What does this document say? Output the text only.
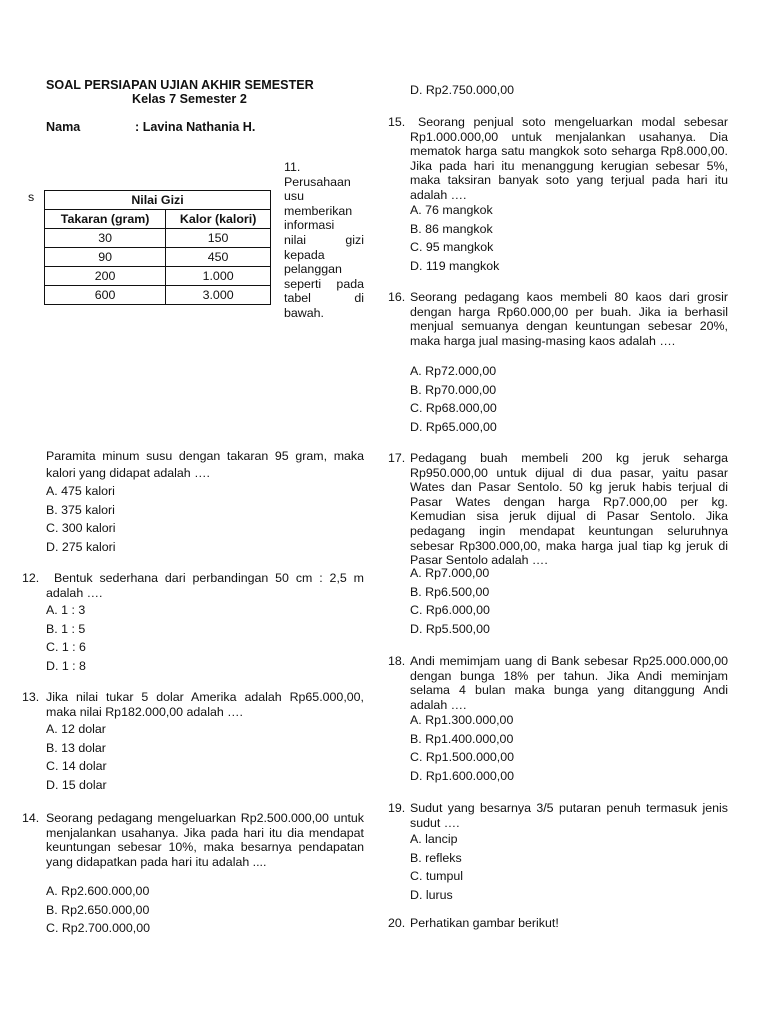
SOAL PERSIAPAN UJIAN AKHIR SEMESTER
Kelas 7 Semester 2
Nama	: Lavina Nathania H.
s	Nilai Gizi	
Takaran (gram)	Kalor (kalori)
30	150
90	450
200	1.000
600	3.000
11.
Perusahaan
usu
memberikan
informasi
nilai gizi
kepada
pelanggan
seperti pada
tabel di
bawah.
Paramita minum susu dengan takaran 95 gram, maka kalori yang didapat adalah ….
A. 475 kalori
B. 375 kalori
C. 300 kalori
D. 275 kalori
12.	Bentuk sederhana dari perbandingan 50 cm : 2,5 m adalah ….
A. 1 : 3
B. 1 : 5
C. 1 : 6
D. 1 : 8
13. Jika nilai tukar 5 dolar Amerika adalah Rp65.000,00, maka nilai Rp182.000,00 adalah ….
A. 12 dolar
B. 13 dolar
C. 14 dolar
D. 15 dolar
14. Seorang pedagang mengeluarkan Rp2.500.000,00 untuk menjalankan usahanya. Jika pada hari itu dia mendapat keuntungan sebesar 10%, maka besarnya pendapatan yang didapatkan pada hari itu adalah ....
A. Rp2.600.000,00
B. Rp2.650.000,00
C. Rp2.700.000,00
D. Rp2.750.000,00
15.	Seorang penjual soto mengeluarkan modal sebesar Rp1.000.000,00 untuk menjalankan usahanya. Dia mematok harga satu mangkok soto seharga Rp8.000,00. Jika pada hari itu menanggung kerugian sebesar 5%, maka taksiran banyak soto yang terjual pada hari itu adalah ….
A. 76 mangkok
B. 86 mangkok
C. 95 mangkok
D. 119 mangkok
16. Seorang pedagang kaos membeli 80 kaos dari grosir dengan harga Rp60.000,00 per buah. Jika ia berhasil menjual semuanya dengan keuntungan sebesar 20%, maka harga jual masing-masing kaos adalah ….
A. Rp72.000,00
B. Rp70.000,00
C. Rp68.000,00
D. Rp65.000,00
17. Pedagang buah membeli 200 kg jeruk seharga Rp950.000,00 untuk dijual di dua pasar, yaitu pasar Wates dan Pasar Sentolo. 50 kg jeruk habis terjual di Pasar Wates dengan harga Rp7.000,00 per kg. Kemudian sisa jeruk dijual di Pasar Sentolo. Jika pedagang ingin mendapat keuntungan seluruhnya sebesar Rp300.000,00, maka harga jual tiap kg jeruk di Pasar Sentolo adalah ….
A. Rp7.000,00
B. Rp6.500,00
C. Rp6.000,00
D. Rp5.500,00
18. Andi memimjam uang di Bank sebesar Rp25.000.000,00 dengan bunga 18% per tahun. Jika Andi meminjam selama 4 bulan maka bunga yang ditanggung Andi adalah ….
A. Rp1.300.000,00
B. Rp1.400.000,00
C. Rp1.500.000,00
D. Rp1.600.000,00
19. Sudut yang besarnya 3/5 putaran penuh termasuk jenis sudut ….
A. lancip
B. refleks
C. tumpul
D. lurus
20. Perhatikan gambar berikut!
